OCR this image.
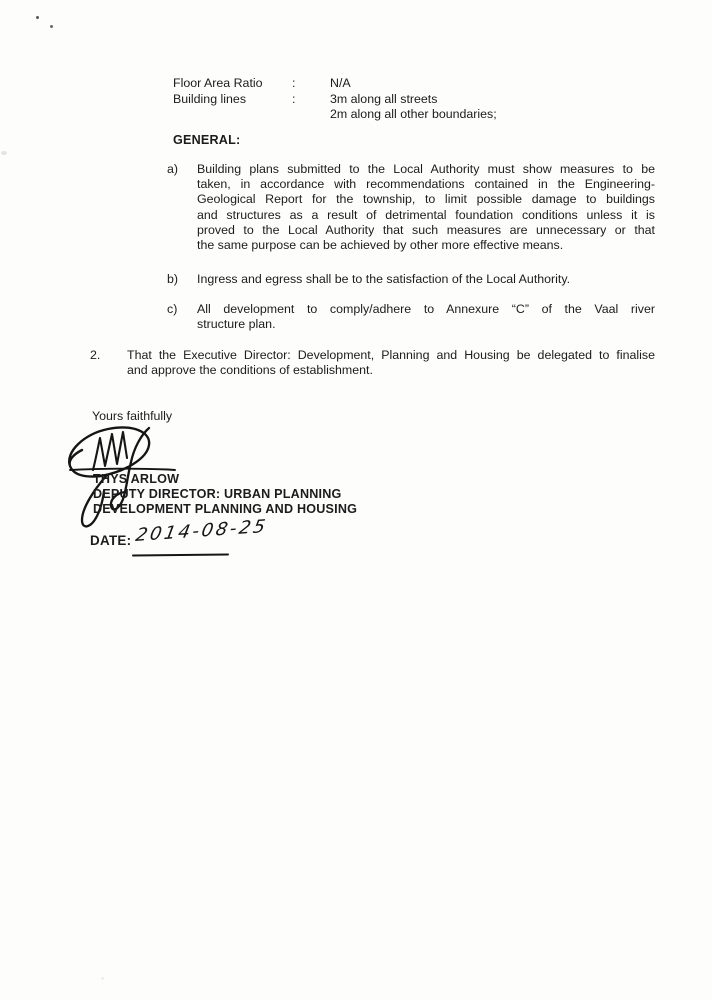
Floor Area Ratio	:	N/A
Building lines	:	3m along all streets
2m along all other boundaries;
GENERAL:
a) Building plans submitted to the Local Authority must show measures to be
taken, in accordance with recommendations contained in the Engineering-
Geological Report for the township, to limit possible damage to buildings
and structures as a result of detrimental foundation conditions unless it is
proved to the Local Authority that such measures are unnecessary or that
the same purpose can be achieved by other more effective means.
b) Ingress and egress shall be to the satisfaction of the Local Authority.
c) All development to comply/adhere to Annexure “C” of the Vaal river
structure plan.
2. That the Executive Director: Development, Planning and Housing be delegated to finalise
and approve the conditions of establishment.
Yours faithfully
THYS ARLOW
DEPUTY DIRECTOR: URBAN PLANNING
DEVELOPMENT PLANNING AND HOUSING
DATE: 2014-08-25
